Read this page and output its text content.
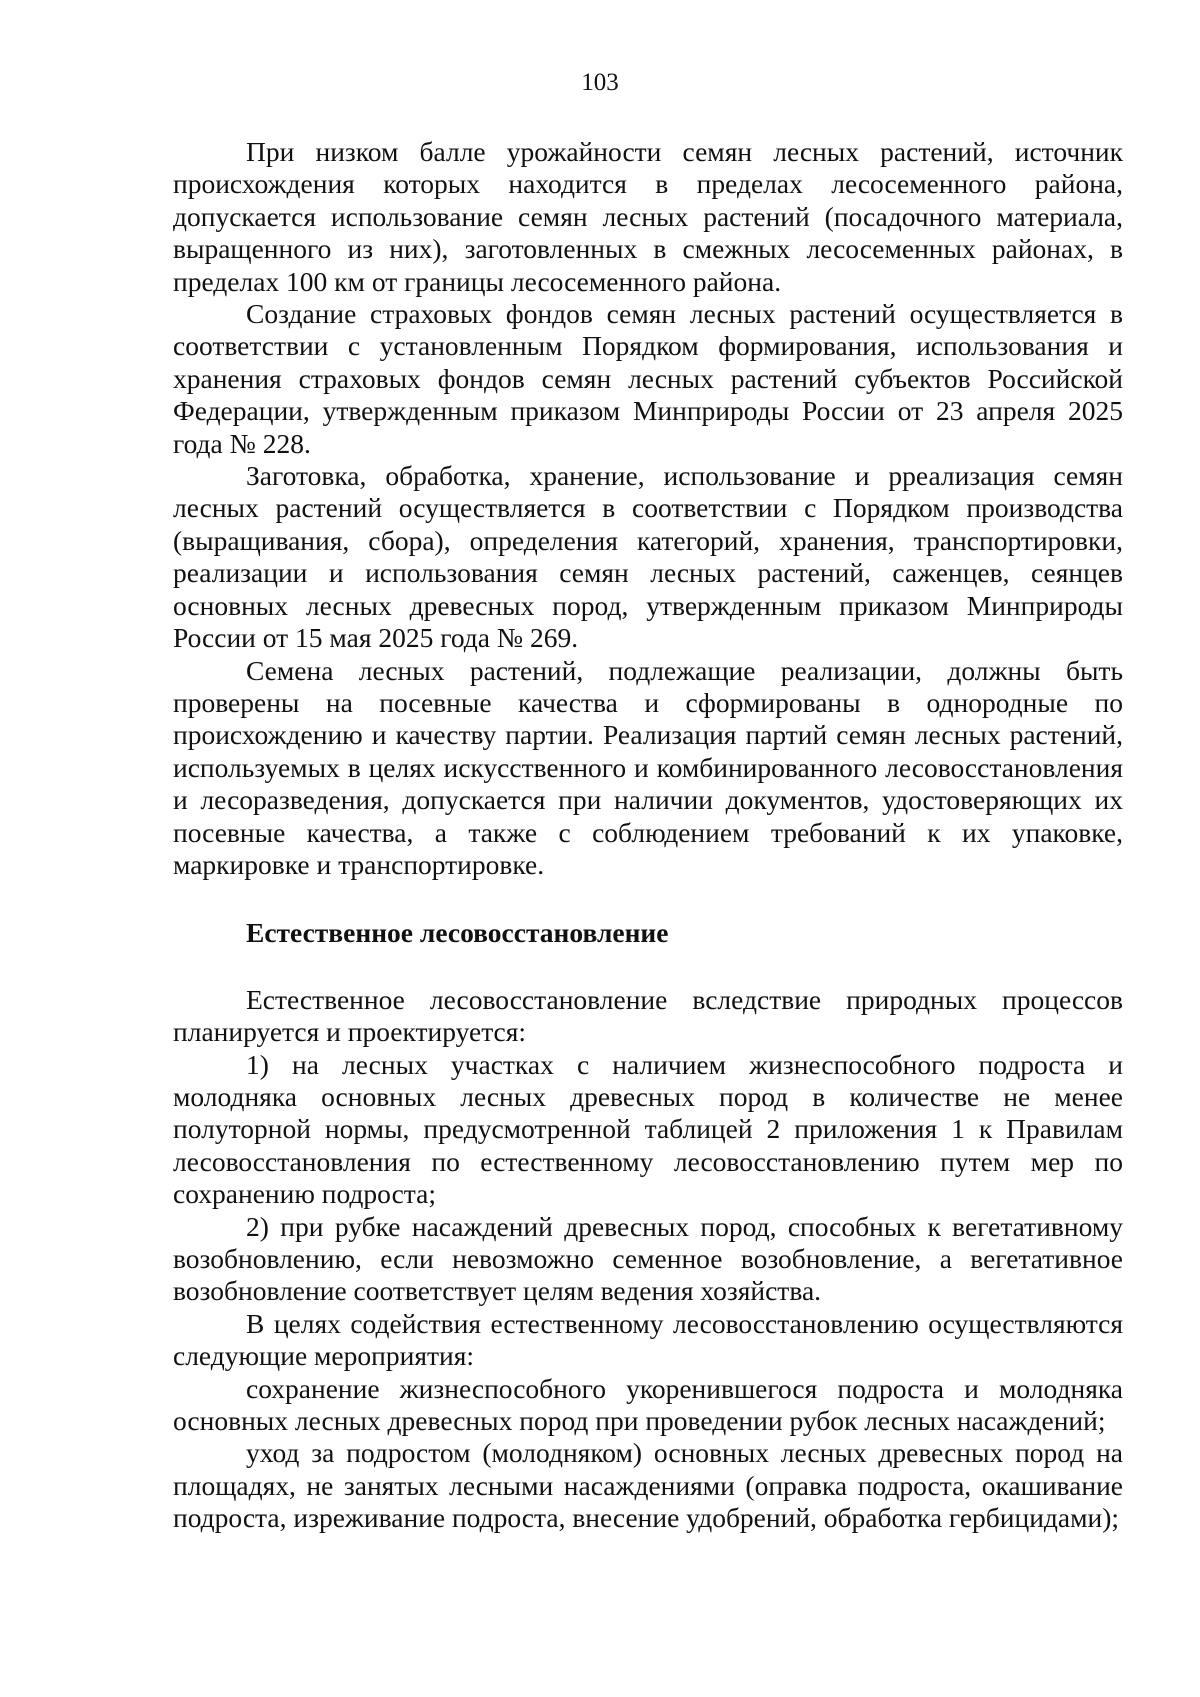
103

При низком балле урожайности семян лесных растений, источник происхождения которых находится в пределах лесосеменного района, допускается использование семян лесных растений (посадочного материала, выращенного из них), заготовленных в смежных лесосеменных районах, в пределах 100 км от границы лесосеменного района.

Создание страховых фондов семян лесных растений осуществляется в соответствии с установленным Порядком формирования, использования и хранения страховых фондов семян лесных растений субъектов Российской Федерации, утвержденным приказом Минприроды России от 23 апреля 2025 года № 228.

Заготовка, обработка, хранение, использование и рреализация семян лесных растений осуществляется в соответствии с Порядком производства (выращивания, сбора), определения категорий, хранения, транспортировки, реализации и использования семян лесных растений, саженцев, сеянцев основных лесных древесных пород, утвержденным приказом Минприроды России от 15 мая 2025 года № 269.

Семена лесных растений, подлежащие реализации, должны быть проверены на посевные качества и сформированы в однородные по происхождению и качеству партии. Реализация партий семян лесных растений, используемых в целях искусственного и комбинированного лесовосстановления и лесоразведения, допускается при наличии документов, удостоверяющих их посевные качества, а также с соблюдением требований к их упаковке, маркировке и транспортировке.

Естественное лесовосстановление

Естественное лесовосстановление вследствие природных процессов планируется и проектируется:

1) на лесных участках с наличием жизнеспособного подроста и молодняка основных лесных древесных пород в количестве не менее полуторной нормы, предусмотренной таблицей 2 приложения 1 к Правилам лесовосстановления по естественному лесовосстановлению путем мер по сохранению подроста;

2) при рубке насаждений древесных пород, способных к вегетативному возобновлению, если невозможно семенное возобновление, а вегетативное возобновление соответствует целям ведения хозяйства.

В целях содействия естественному лесовосстановлению осуществляются следующие мероприятия:

сохранение жизнеспособного укоренившегося подроста и молодняка основных лесных древесных пород при проведении рубок лесных насаждений;

уход за подростом (молодняком) основных лесных древесных пород на площадях, не занятых лесными насаждениями (оправка подроста, окашивание подроста, изреживание подроста, внесение удобрений, обработка гербицидами);
